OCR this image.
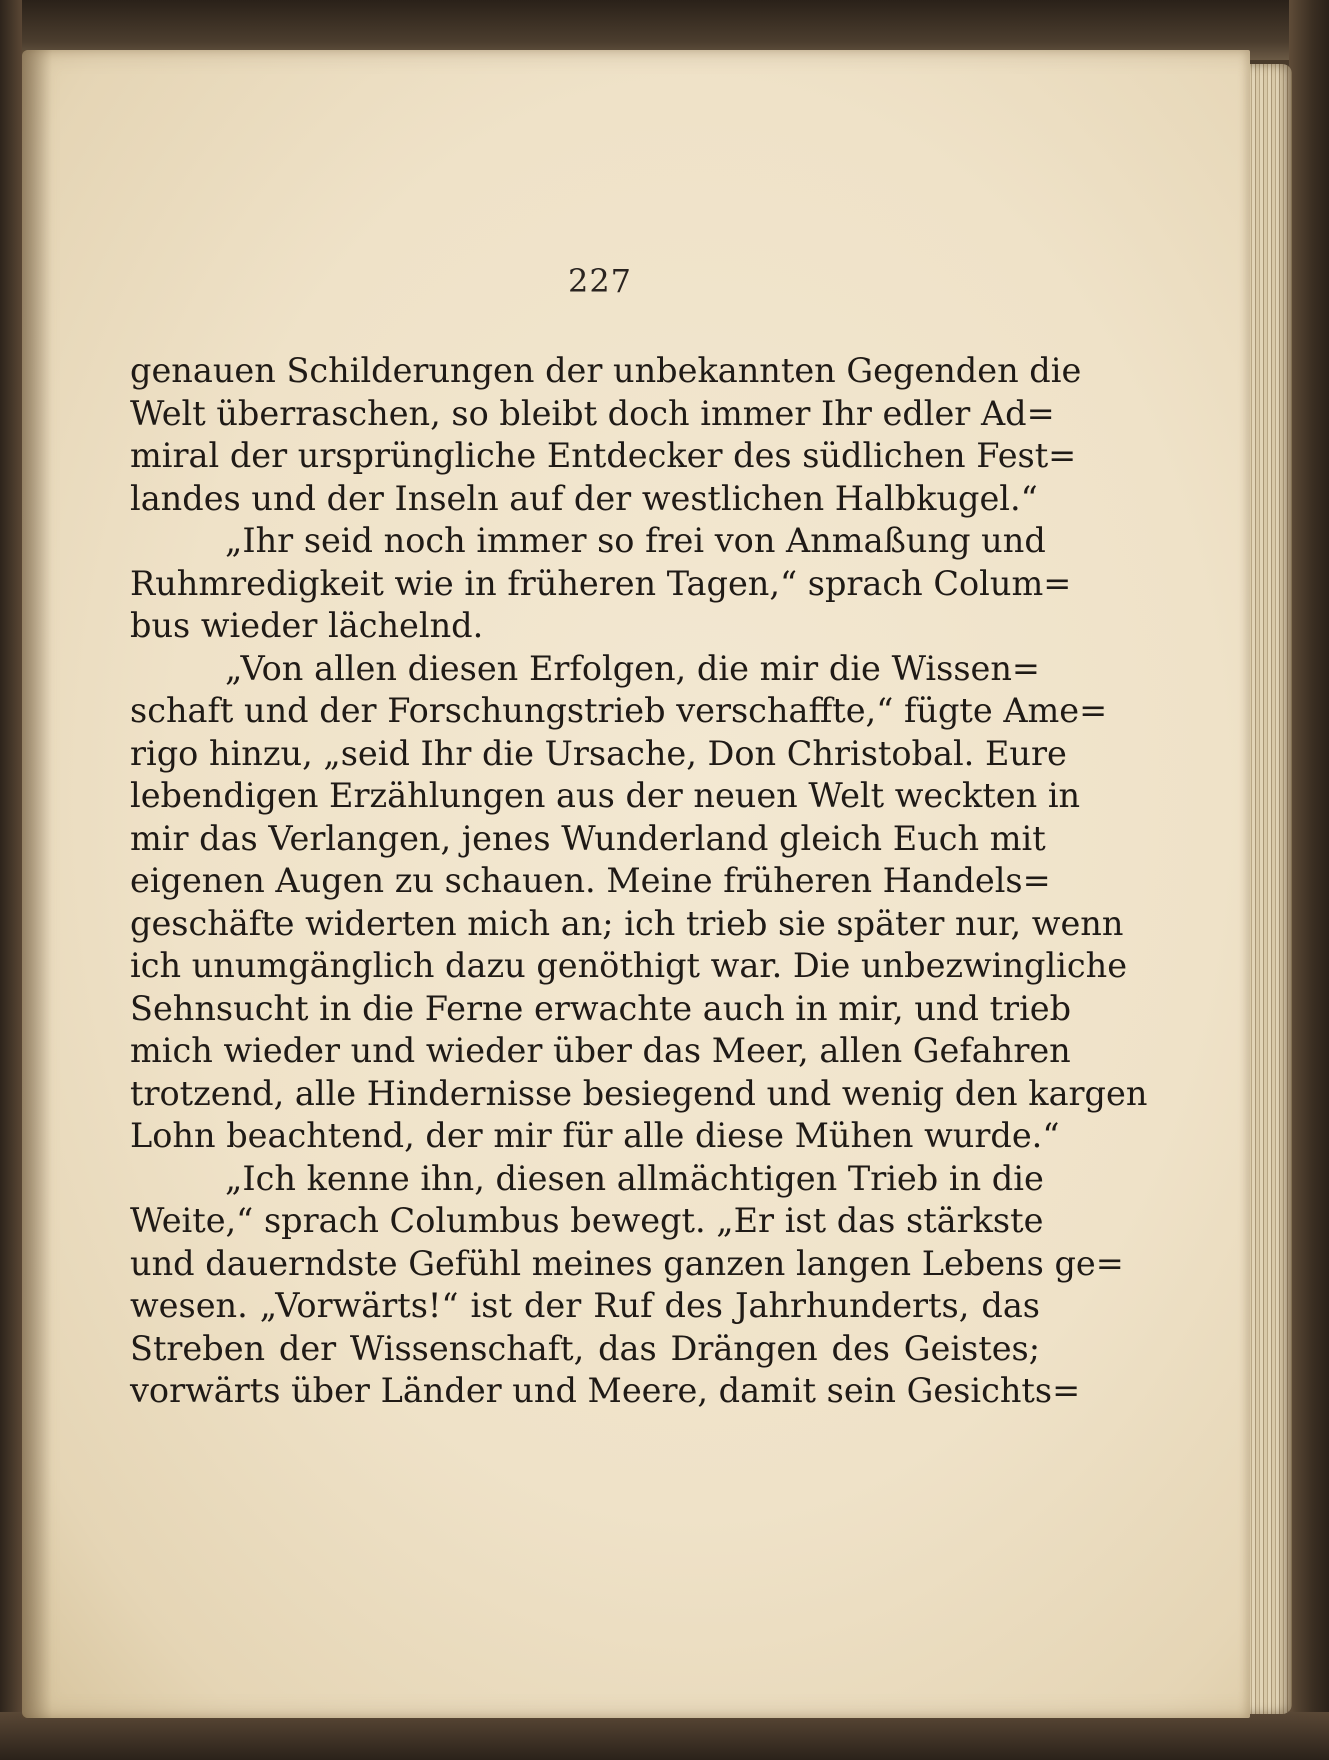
227
genauen Schilderungen der unbekannten Gegenden die
Welt überraschen, so bleibt doch immer Ihr edler Ad=
miral der ursprüngliche Entdecker des südlichen Fest=
landes und der Inseln auf der westlichen Halbkugel.“
„Ihr seid noch immer so frei von Anmaßung und
Ruhmredigkeit wie in früheren Tagen,“ sprach Colum=
bus wieder lächelnd.
„Von allen diesen Erfolgen, die mir die Wissen=
schaft und der Forschungstrieb verschaffte,“ fügte Ame=
rigo hinzu, „seid Ihr die Ursache, Don Christobal. Eure
lebendigen Erzählungen aus der neuen Welt weckten in
mir das Verlangen, jenes Wunderland gleich Euch mit
eigenen Augen zu schauen. Meine früheren Handels=
geschäfte widerten mich an; ich trieb sie später nur, wenn
ich unumgänglich dazu genöthigt war. Die unbezwingliche
Sehnsucht in die Ferne erwachte auch in mir, und trieb
mich wieder und wieder über das Meer, allen Gefahren
trotzend, alle Hindernisse besiegend und wenig den kargen
Lohn beachtend, der mir für alle diese Mühen wurde.“
„Ich kenne ihn, diesen allmächtigen Trieb in die
Weite,“ sprach Columbus bewegt. „Er ist das stärkste
und dauerndste Gefühl meines ganzen langen Lebens ge=
wesen. „Vorwärts!“ ist der Ruf des Jahrhunderts, das
Streben der Wissenschaft, das Drängen des Geistes;
vorwärts über Länder und Meere, damit sein Gesichts=
